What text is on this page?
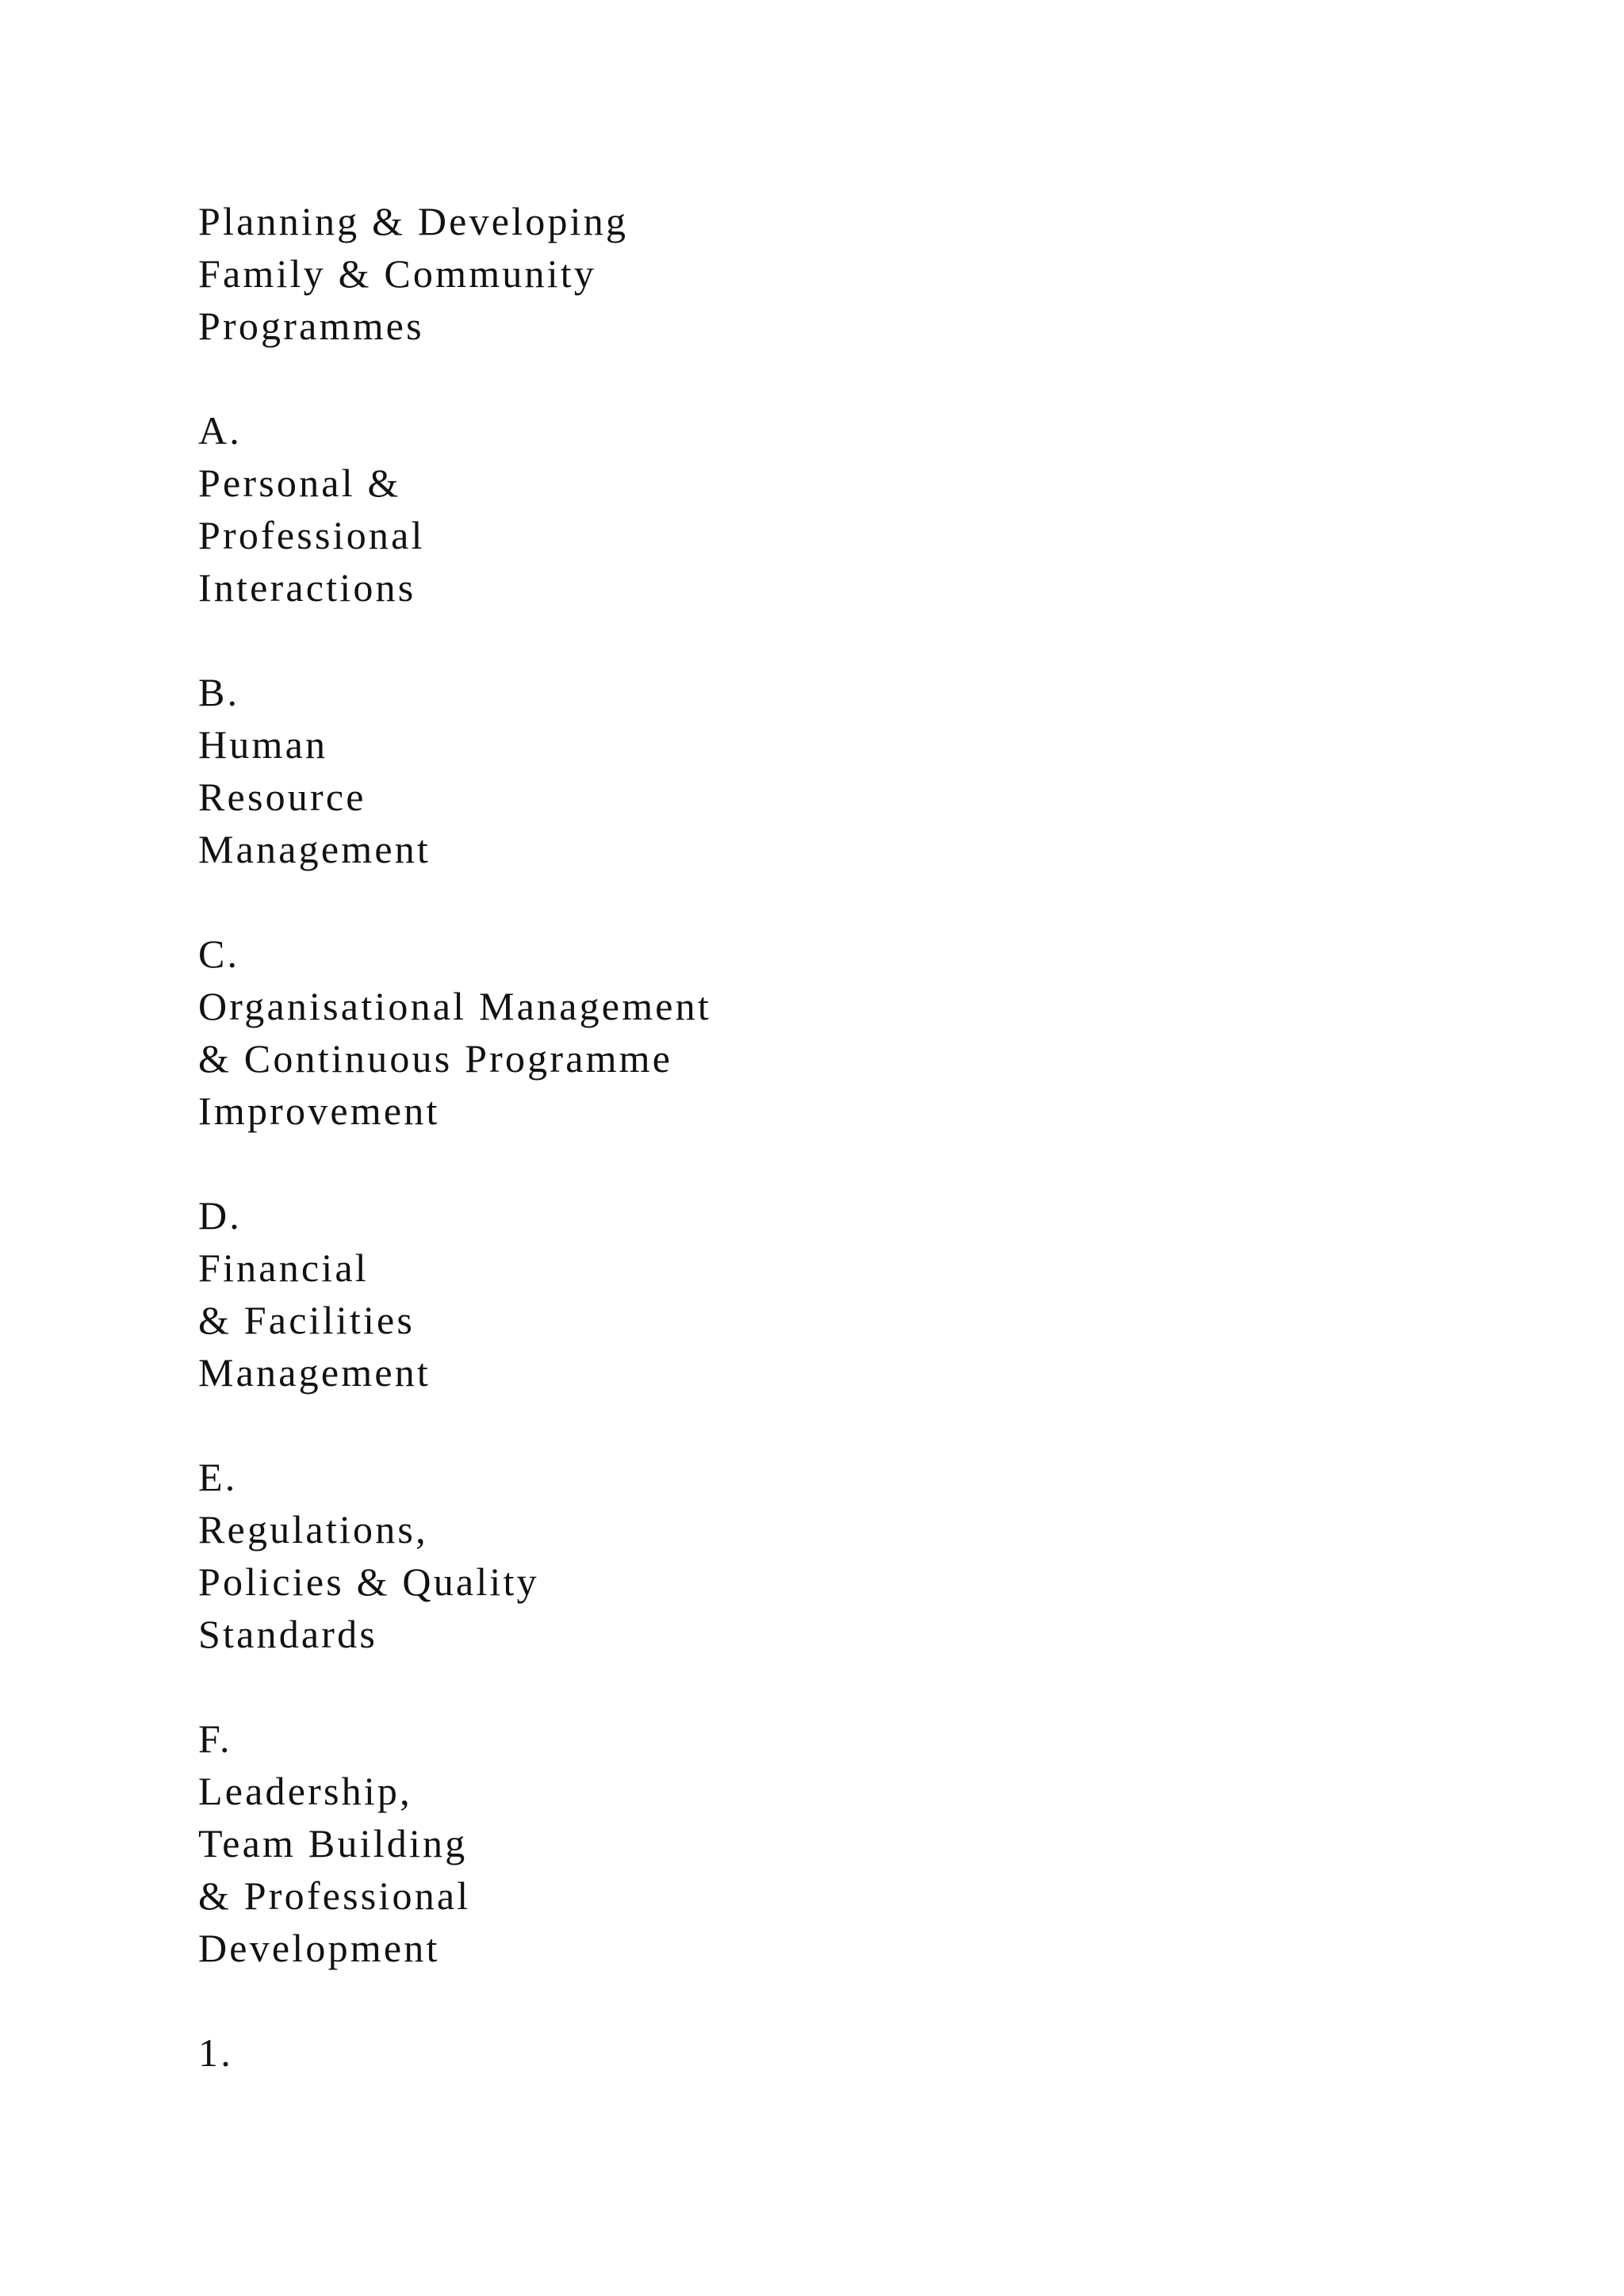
Planning & Developing
Family & Community
Programmes
A.
Personal &
Professional
Interactions
B.
Human
Resource
Management
C.
Organisational Management
& Continuous Programme
Improvement
D.
Financial
& Facilities
Management
E.
Regulations,
Policies & Quality
Standards
F.
Leadership,
Team Building
& Professional
Development
1.
